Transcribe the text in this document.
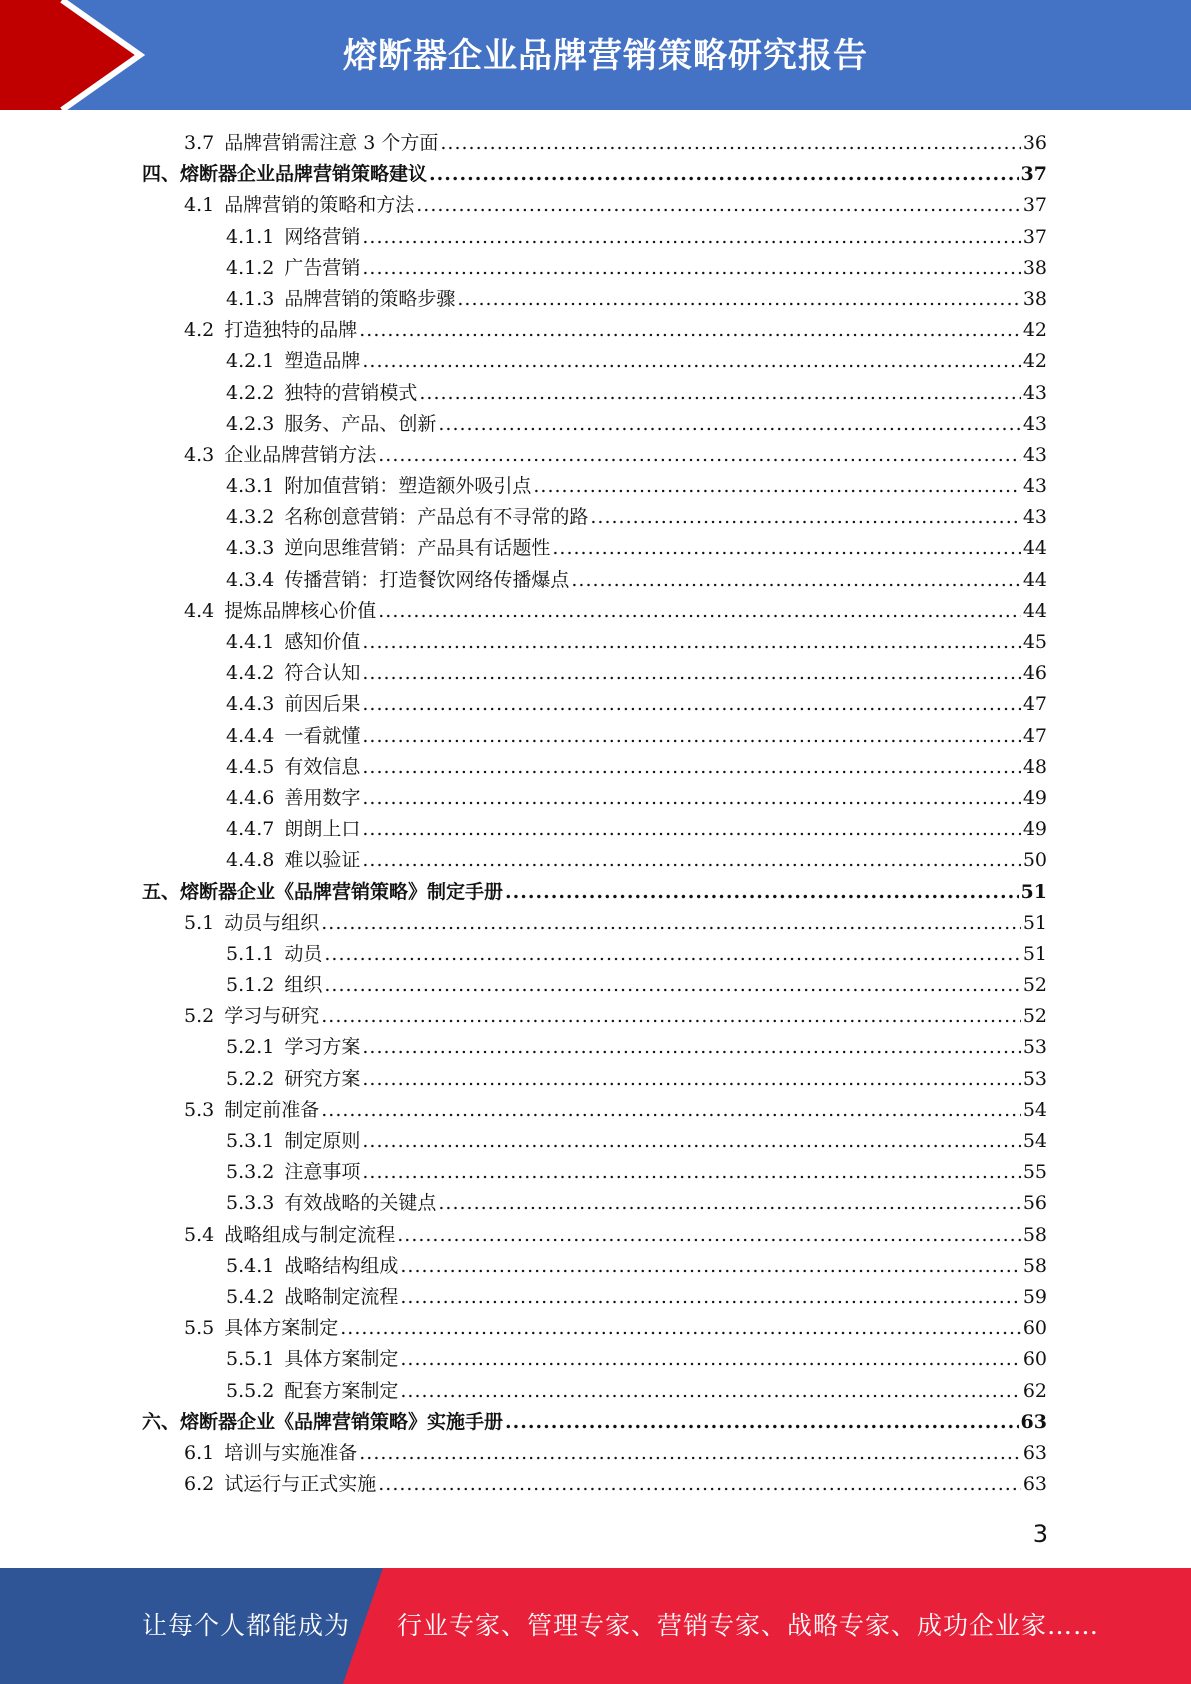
熔断器企业品牌营销策略研究报告
3.7 品牌营销需注意 3 个方面 .....	36
四、熔断器企业品牌营销策略建议 .....	37
4.1 品牌营销的策略和方法 .....	37
4.1.1 网络营销 .....	37
4.1.2 广告营销 .....	38
4.1.3 品牌营销的策略步骤 .....	38
4.2 打造独特的品牌 .....	42
4.2.1 塑造品牌 .....	42
4.2.2 独特的营销模式 .....	43
4.2.3 服务、产品、创新 .....	43
4.3 企业品牌营销方法 .....	43
4.3.1 附加值营销：塑造额外吸引点 .....	43
4.3.2 名称创意营销：产品总有不寻常的路 .....	43
4.3.3 逆向思维营销：产品具有话题性 .....	44
4.3.4 传播营销：打造餐饮网络传播爆点 .....	44
4.4 提炼品牌核心价值 .....	44
4.4.1 感知价值 .....	45
4.4.2 符合认知 .....	46
4.4.3 前因后果 .....	47
4.4.4 一看就懂 .....	47
4.4.5 有效信息 .....	48
4.4.6 善用数字 .....	49
4.4.7 朗朗上口 .....	49
4.4.8 难以验证 .....	50
五、熔断器企业《品牌营销策略》制定手册 .....	51
5.1 动员与组织 .....	51
5.1.1 动员 .....	51
5.1.2 组织 .....	52
5.2 学习与研究 .....	52
5.2.1 学习方案 .....	53
5.2.2 研究方案 .....	53
5.3 制定前准备 .....	54
5.3.1 制定原则 .....	54
5.3.2 注意事项 .....	55
5.3.3 有效战略的关键点 .....	56
5.4 战略组成与制定流程 .....	58
5.4.1 战略结构组成 .....	58
5.4.2 战略制定流程 .....	59
5.5 具体方案制定 .....	60
5.5.1 具体方案制定 .....	60
5.5.2 配套方案制定 .....	62
六、熔断器企业《品牌营销策略》实施手册 .....	63
6.1 培训与实施准备 .....	63
6.2 试运行与正式实施 .....	63
3
让每个人都能成为 行业专家、管理专家、营销专家、战略专家、成功企业家……
